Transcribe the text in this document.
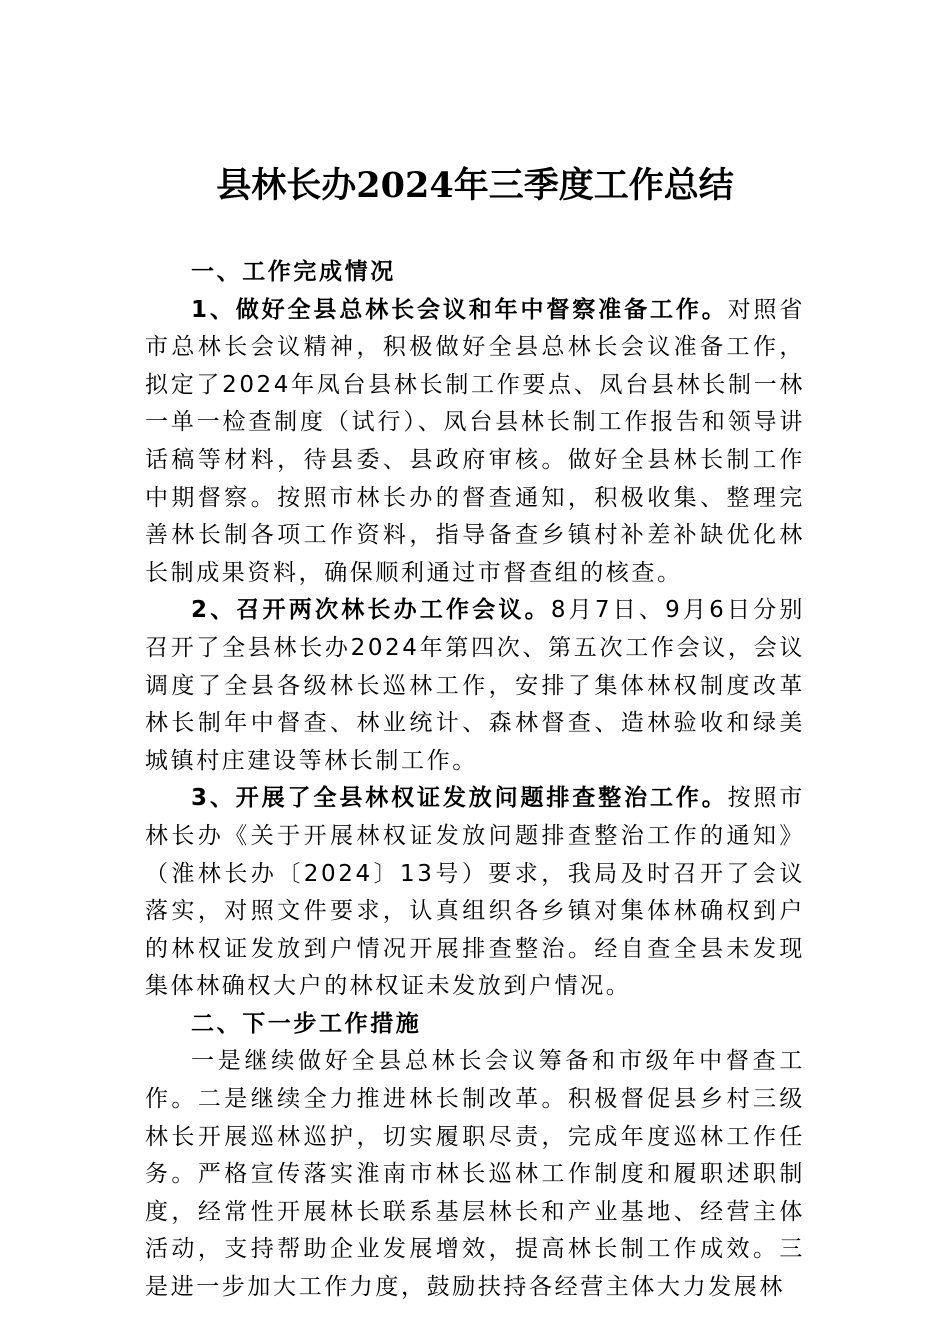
县林长办2024年三季度工作总结

一、工作完成情况

1、做好全县总林长会议和年中督察准备工作。对照省市总林长会议精神，积极做好全县总林长会议准备工作，拟定了2024年凤台县林长制工作要点、凤台县林长制一林一单一检查制度（试行）、凤台县林长制工作报告和领导讲话稿等材料，待县委、县政府审核。做好全县林长制工作中期督察。按照市林长办的督查通知，积极收集、整理完善林长制各项工作资料，指导备查乡镇村补差补缺优化林长制成果资料，确保顺利通过市督查组的核查。

2、召开两次林长办工作会议。8月7日、9月6日分别召开了全县林长办2024年第四次、第五次工作会议，会议调度了全县各级林长巡林工作，安排了集体林权制度改革林长制年中督查、林业统计、森林督查、造林验收和绿美城镇村庄建设等林长制工作。

3、开展了全县林权证发放问题排查整治工作。按照市林长办《关于开展林权证发放问题排查整治工作的通知》（淮林长办〔2024〕13号）要求，我局及时召开了会议落实，对照文件要求，认真组织各乡镇对集体林确权到户的林权证发放到户情况开展排查整治。经自查全县未发现集体林确权大户的林权证未发放到户情况。

二、下一步工作措施

一是继续做好全县总林长会议筹备和市级年中督查工作。二是继续全力推进林长制改革。积极督促县乡村三级林长开展巡林巡护，切实履职尽责，完成年度巡林工作任务。严格宣传落实淮南市林长巡林工作制度和履职述职制度，经常性开展林长联系基层林长和产业基地、经营主体活动，支持帮助企业发展增效，提高林长制工作成效。三是进一步加大工作力度，鼓励扶持各经营主体大力发展林
